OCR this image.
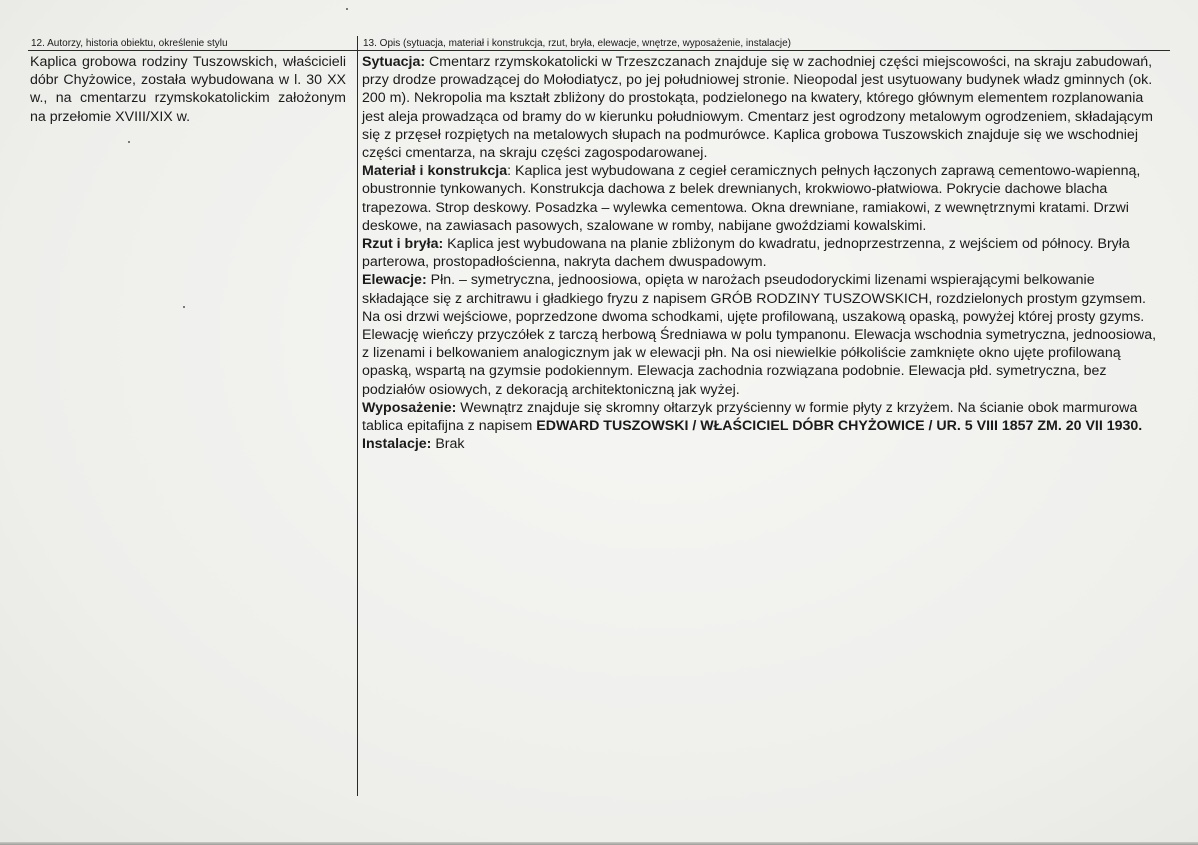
12. Autorzy, historia obiektu, określenie stylu	13. Opis (sytuacja, materiał i konstrukcja, rzut, bryła, elewacje, wnętrze, wyposażenie, instalacje)
Kaplica grobowa rodziny Tuszowskich, właścicieli dóbr Chyżowice, została wybudowana w l. 30 XX w., na cmentarzu rzymskokatolickim założonym na przełomie XVIII/XIX w.
Sytuacja: Cmentarz rzymskokatolicki w Trzeszczanach znajduje się w zachodniej części miejscowości, na skraju zabudowań, przy drodze prowadzącej do Mołodiatycz, po jej południowej stronie. Nieopodal jest usytuowany budynek władz gminnych (ok. 200 m). Nekropolia ma kształt zbliżony do prostokąta, podzielonego na kwatery, którego głównym elementem rozplanowania jest aleja prowadząca od bramy do w kierunku południowym. Cmentarz jest ogrodzony metalowym ogrodzeniem, składającym się z przęseł rozpiętych na metalowych słupach na podmurówce. Kaplica grobowa Tuszowskich znajduje się we wschodniej części cmentarza, na skraju części zagospodarowanej.
Materiał i konstrukcja: Kaplica jest wybudowana z cegieł ceramicznych pełnych łączonych zaprawą cementowo-wapienną, obustronnie tynkowanych. Konstrukcja dachowa z belek drewnianych, krokwiowo-płatwiowa. Pokrycie dachowe blacha trapezowa. Strop deskowy. Posadzka – wylewka cementowa. Okna drewniane, ramiakowi, z wewnętrznymi kratami. Drzwi deskowe, na zawiasach pasowych, szalowane w romby, nabijane gwoździami kowalskimi.
Rzut i bryła: Kaplica jest wybudowana na planie zbliżonym do kwadratu, jednoprzestrzenna, z wejściem od północy. Bryła parterowa, prostopadłościenna, nakryta dachem dwuspadowym.
Elewacje: Płn. – symetryczna, jednoosiowa, opięta w narożach pseudodoryckimi lizenami wspierającymi belkowanie składające się z architrawu i gładkiego fryzu z napisem GRÓB RODZINY TUSZOWSKICH, rozdzielonych prostym gzymsem. Na osi drzwi wejściowe, poprzedzone dwoma schodkami, ujęte profilowaną, uszakową opaską, powyżej której prosty gzyms. Elewację wieńczy przyczółek z tarczą herbową Średniawa w polu tympanonu. Elewacja wschodnia symetryczna, jednoosiowa, z lizenami i belkowaniem analogicznym jak w elewacji płn. Na osi niewielkie półkoliście zamknięte okno ujęte profilowaną opaską, wspartą na gzymsie podokiennym. Elewacja zachodnia rozwiązana podobnie. Elewacja płd. symetryczna, bez podziałów osiowych, z dekoracją architektoniczną jak wyżej.
Wyposażenie: Wewnątrz znajduje się skromny ołtarzyk przyścienny w formie płyty z krzyżem. Na ścianie obok marmurowa tablica epitafijna z napisem EDWARD TUSZOWSKI / WŁAŚCICIEL DÓBR CHYŻOWICE / UR. 5 VIII 1857 ZM. 20 VII 1930.
Instalacje: Brak
